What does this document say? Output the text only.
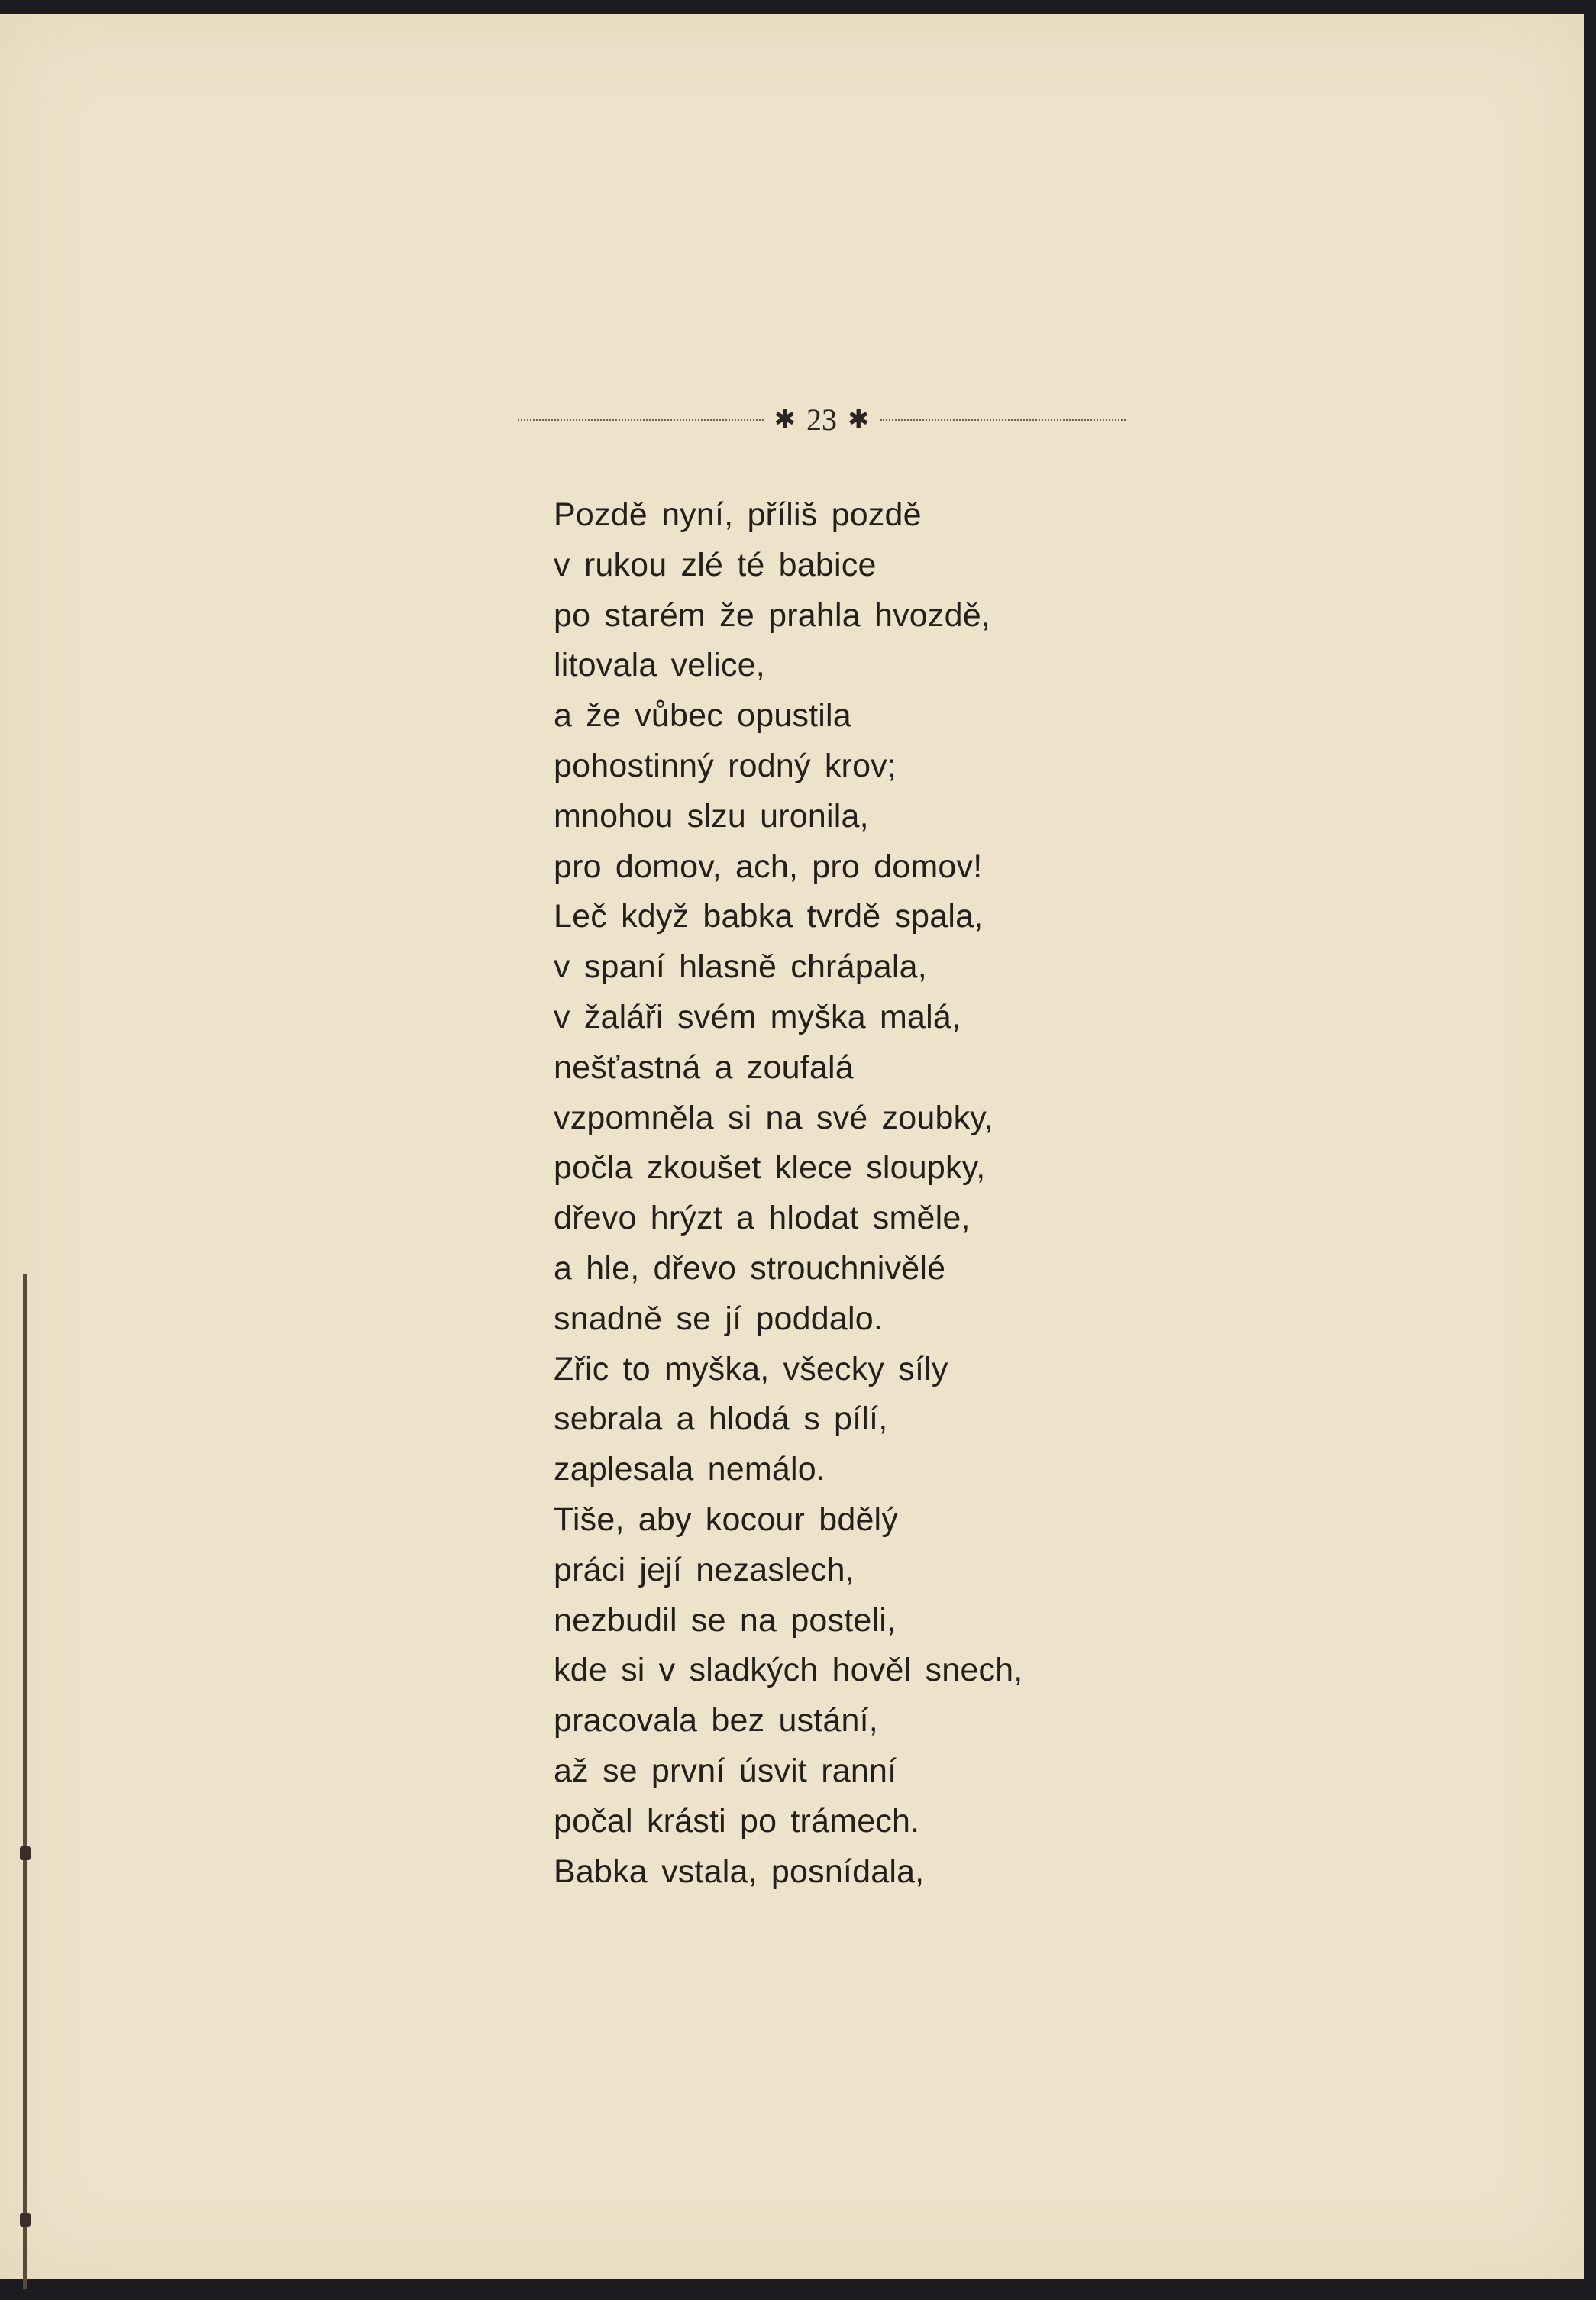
✱ 23 ✱
Pozdě nyní, příliš pozdě
v rukou zlé té babice
po starém že prahla hvozdě,
litovala velice,
a že vůbec opustila
pohostinný rodný krov;
mnohou slzu uronila,
pro domov, ach, pro domov!
Leč když babka tvrdě spala,
v spaní hlasně chrápala,
v žaláři svém myška malá,
nešťastná a zoufalá
vzpomněla si na své zoubky,
počla zkoušet klece sloupky,
dřevo hrýzt a hlodat směle,
a hle, dřevo strouchnivělé
snadně se jí poddalo.
Zřic to myška, všecky síly
sebrala a hlodá s pílí,
zaplesala nemálo.
Tiše, aby kocour bdělý
práci její nezaslech,
nezbudil se na posteli,
kde si v sladkých hověl snech,
pracovala bez ustání,
až se první úsvit ranní
počal krásti po trámech.
Babka vstala, posnídala,
